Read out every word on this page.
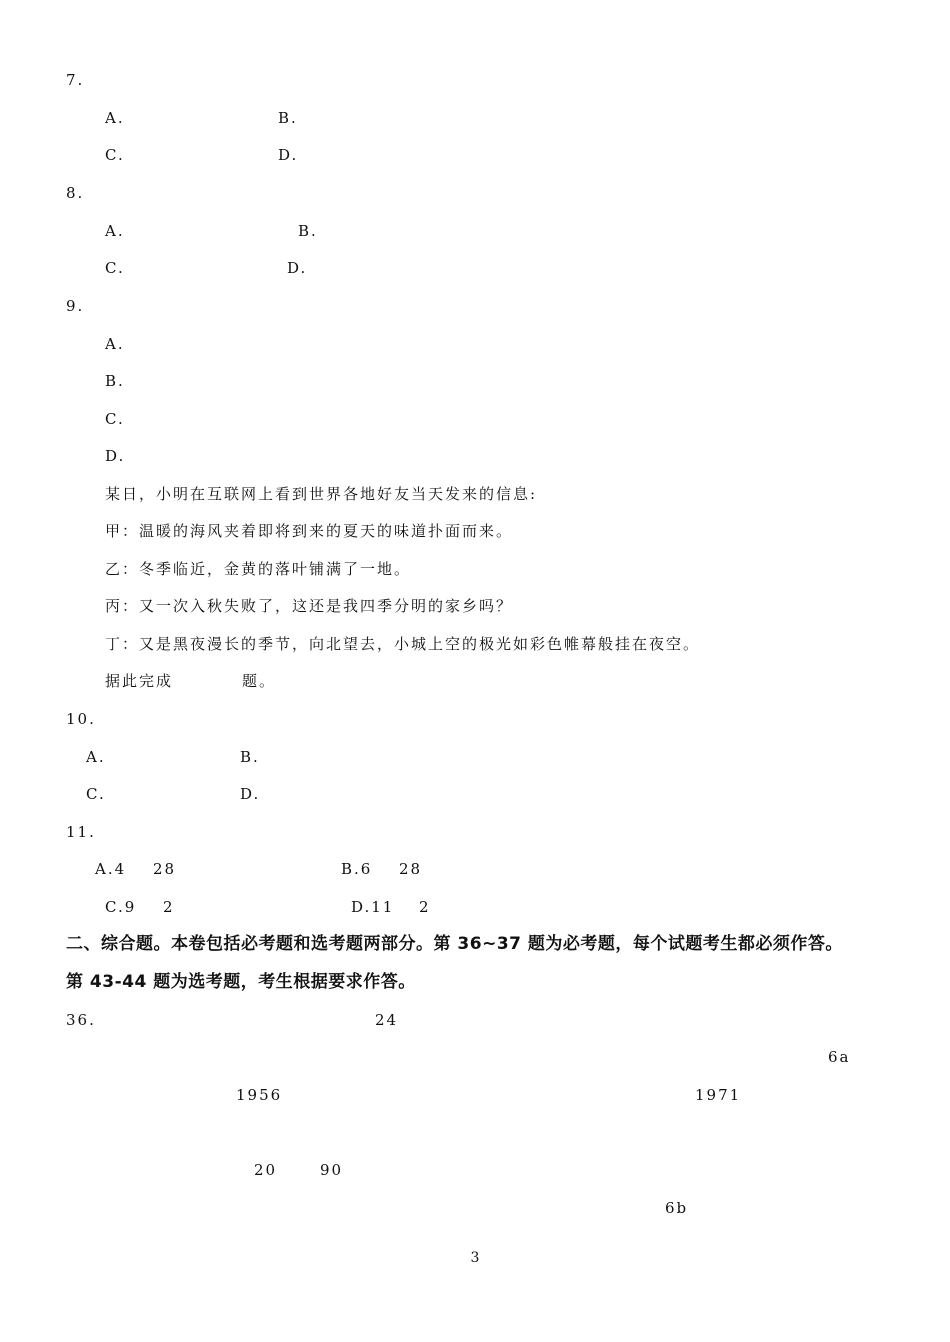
7.
A.	B.
C.	D.
8.
A.	B.
C.	D.
9.
A.
B.
C.
D.
某日，小明在互联网上看到世界各地好友当天发来的信息:
甲：温暖的海风夹着即将到来的夏天的味道扑面而来。
乙：冬季临近，金黄的落叶铺满了一地。
丙：又一次入秋失败了，这还是我四季分明的家乡吗？
丁：又是黑夜漫长的季节，向北望去，小城上空的极光如彩色帷幕般挂在夜空。
据此完成	题。
10.
A.	B.
C.	D.
11.
A.4 28	B.6 28
C.9 2	D.11 2
二、综合题。本卷包括必考题和选考题两部分。第 36~37 题为必考题，每个试题考生都必须作答。
第 43-44 题为选考题，考生根据要求作答。
36.	24
6a
1956	1971
20	90
6b
3
